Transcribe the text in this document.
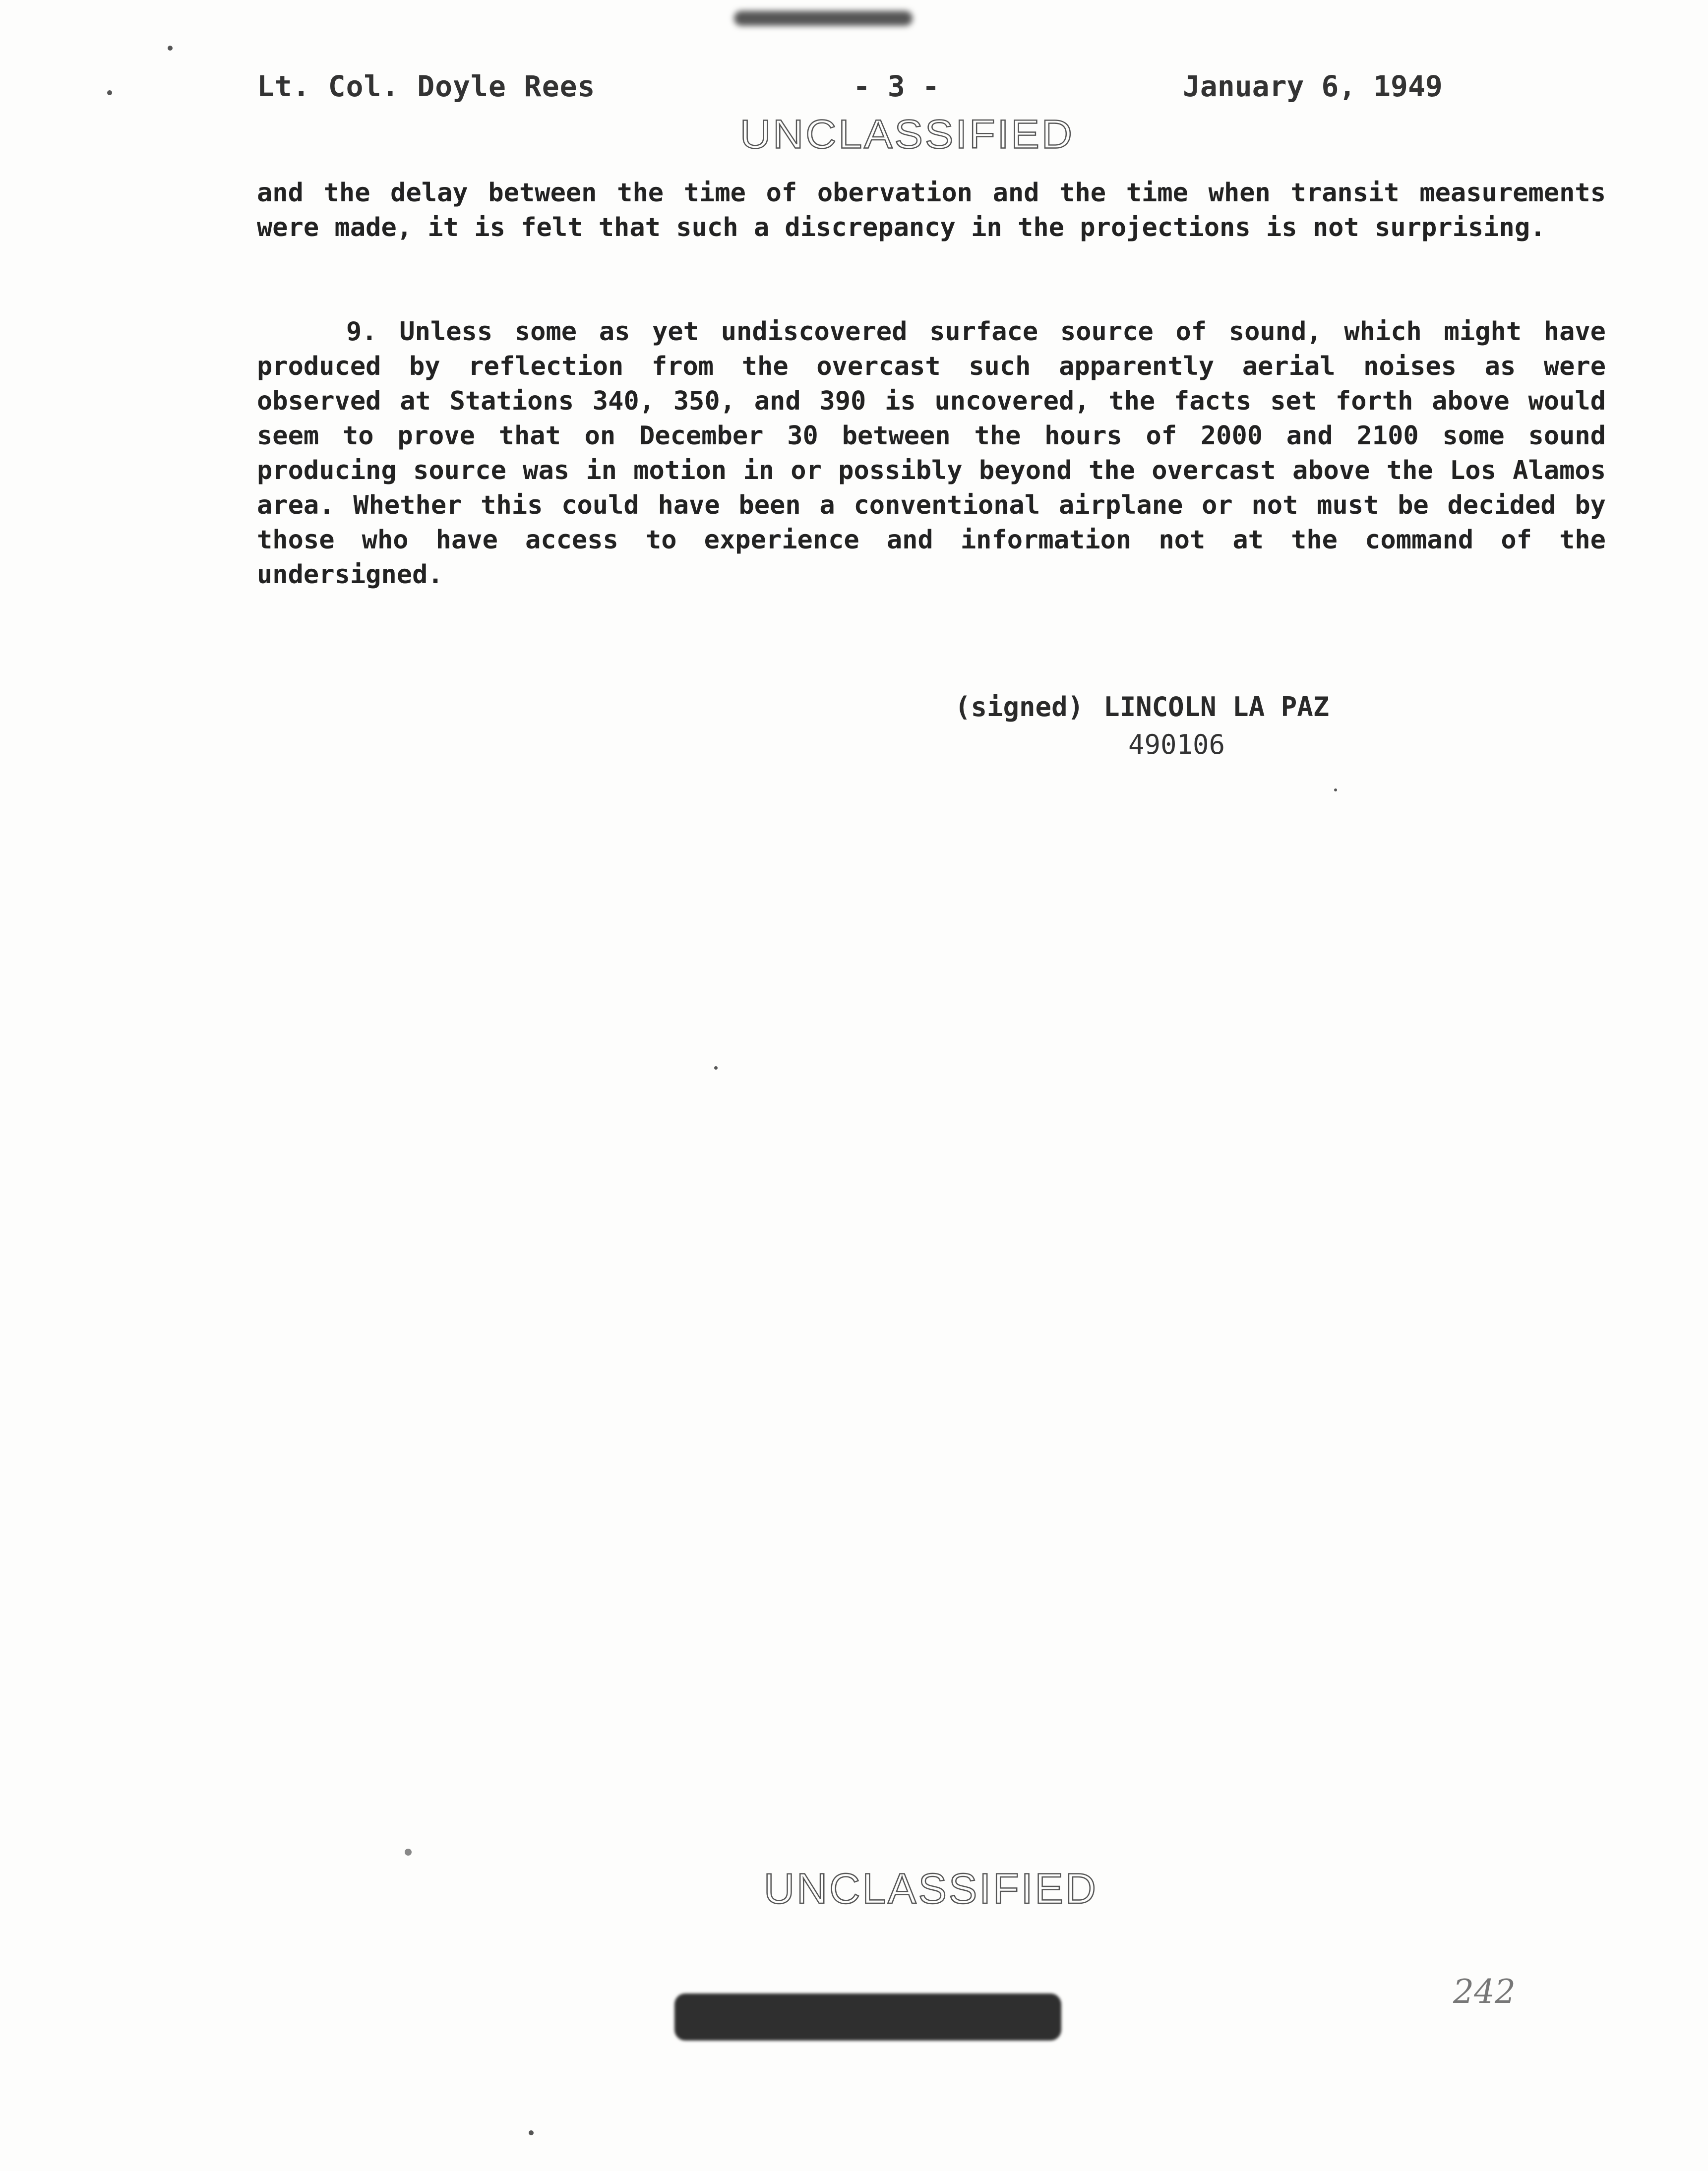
Lt. Col. Doyle Rees	- 3 -	January 6, 1949
UNCLASSIFIED
and the delay between the time of obervation and the time when transit measurements were made, it is felt that such a discrepancy in the projections is not surprising.
9. Unless some as yet undiscovered surface source of sound, which might have produced by reflection from the overcast such apparently aerial noises as were observed at Stations 340, 350, and 390 is uncovered, the facts set forth above would seem to prove that on December 30 between the hours of 2000 and 2100 some sound producing source was in motion in or possibly beyond the overcast above the Los Alamos area. Whether this could have been a conventional airplane or not must be decided by those who have access to experience and information not at the command of the undersigned.
(signed) LINCOLN LA PAZ
490106
UNCLASSIFIED
242
